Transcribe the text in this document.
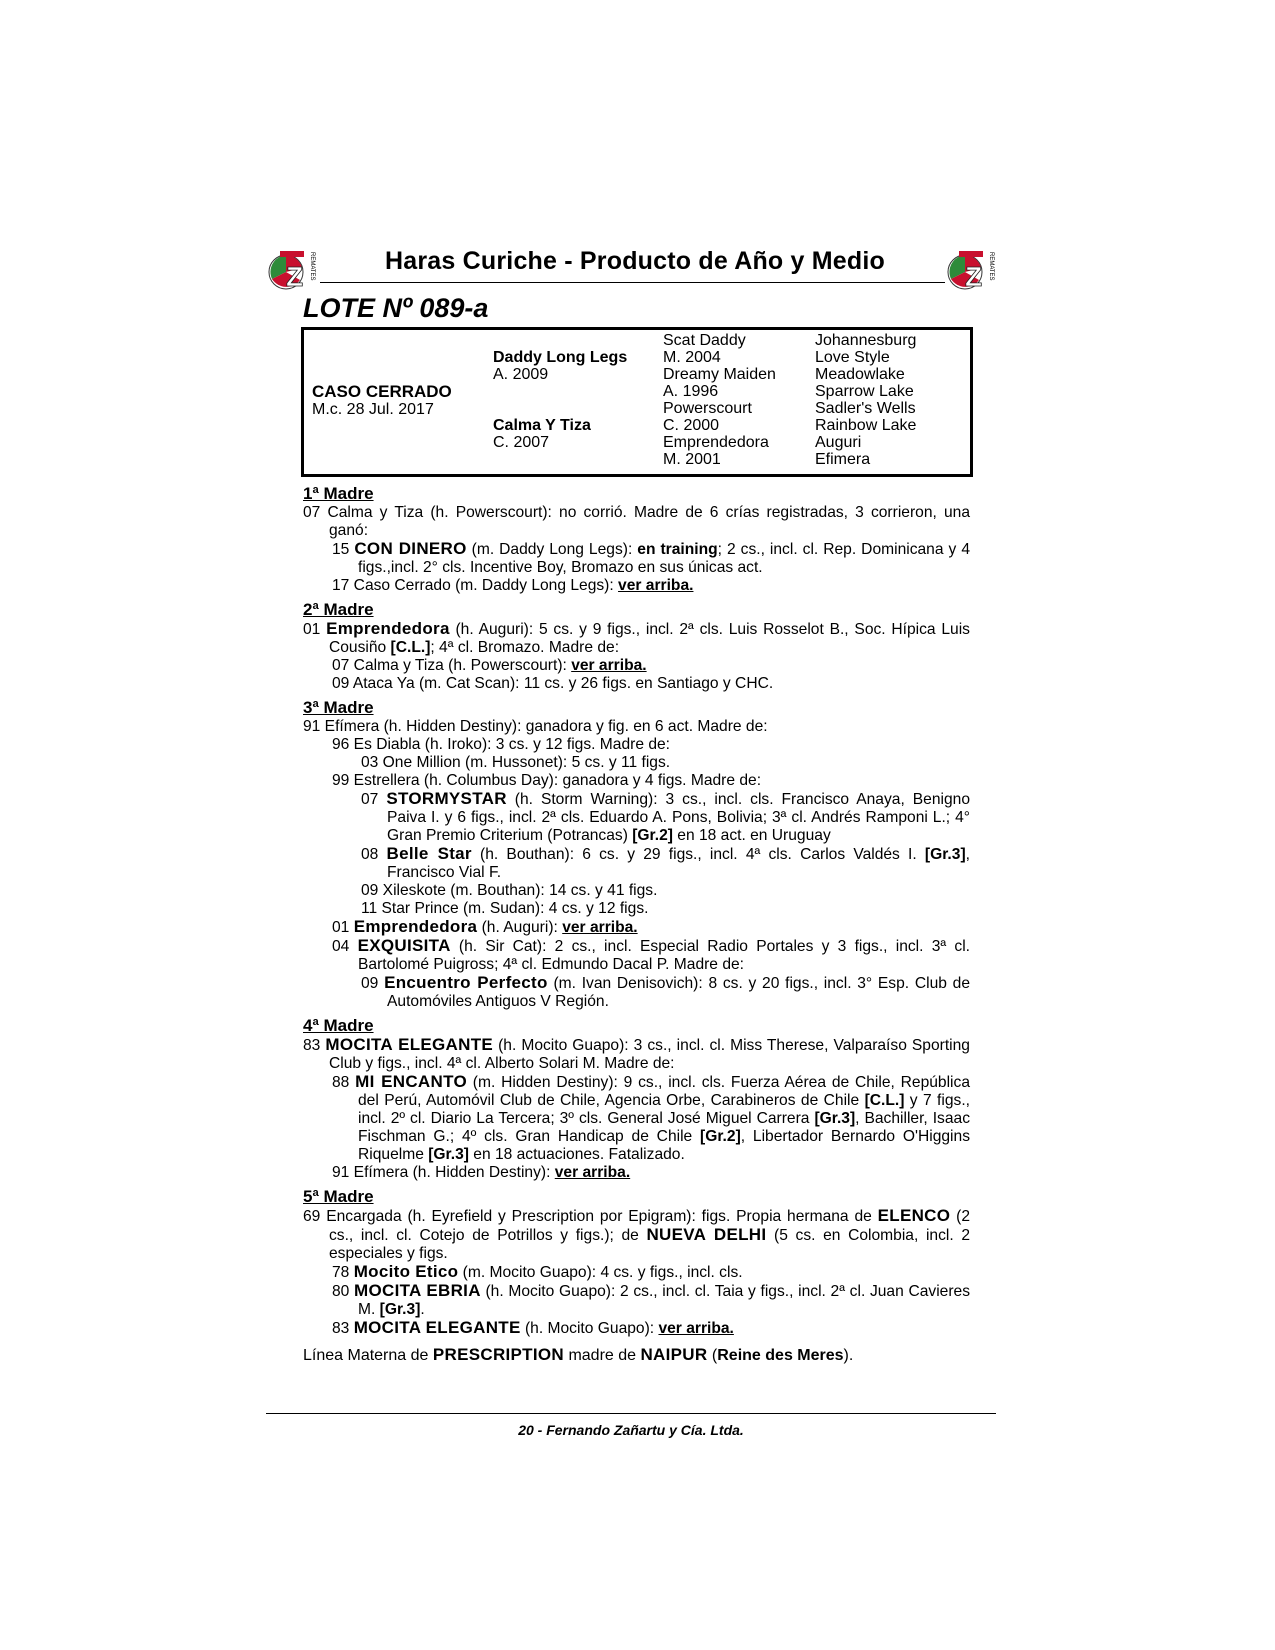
Z REMATES	Z REMATES
Haras Curiche - Producto de Año y Medio
LOTE Nº 089-a
CASO CERRADO
M.c. 28 Jul. 2017
Daddy Long Legs
A. 2009
Calma Y Tiza
C. 2007
Scat Daddy
M. 2004
Dreamy Maiden
A. 1996
Powerscourt
C. 2000
Emprendedora
M. 2001
Johannesburg
Love Style
Meadowlake
Sparrow Lake
Sadler's Wells
Rainbow Lake
Auguri
Efimera
1ª Madre
07 Calma y Tiza (h. Powerscourt): no corrió. Madre de 6 crías registradas, 3 corrieron, una ganó:
15 CON DINERO (m. Daddy Long Legs): en training; 2 cs., incl. cl. Rep. Dominicana y 4 figs.,incl. 2° cls. Incentive Boy, Bromazo en sus únicas act.
17 Caso Cerrado (m. Daddy Long Legs): ver arriba.
2ª Madre
01 Emprendedora (h. Auguri): 5 cs. y 9 figs., incl. 2ª cls. Luis Rosselot B., Soc. Hípica Luis Cousiño [C.L.]; 4ª cl. Bromazo. Madre de:
07 Calma y Tiza (h. Powerscourt): ver arriba.
09 Ataca Ya (m. Cat Scan): 11 cs. y 26 figs. en Santiago y CHC.
3ª Madre
91 Efímera (h. Hidden Destiny): ganadora y fig. en 6 act. Madre de:
96 Es Diabla (h. Iroko): 3 cs. y 12 figs. Madre de:
03 One Million (m. Hussonet): 5 cs. y 11 figs.
99 Estrellera (h. Columbus Day): ganadora y 4 figs. Madre de:
07 STORMYSTAR (h. Storm Warning): 3 cs., incl. cls. Francisco Anaya, Benigno Paiva I. y 6 figs., incl. 2ª cls. Eduardo A. Pons, Bolivia; 3ª cl. Andrés Ramponi L.; 4° Gran Premio Criterium (Potrancas) [Gr.2] en 18 act. en Uruguay
08 Belle Star (h. Bouthan): 6 cs. y 29 figs., incl. 4ª cls. Carlos Valdés I. [Gr.3], Francisco Vial F.
09 Xileskote (m. Bouthan): 14 cs. y 41 figs.
11 Star Prince (m. Sudan): 4 cs. y 12 figs.
01 Emprendedora (h. Auguri): ver arriba.
04 EXQUISITA (h. Sir Cat): 2 cs., incl. Especial Radio Portales y 3 figs., incl. 3ª cl. Bartolomé Puigross; 4ª cl. Edmundo Dacal P. Madre de:
09 Encuentro Perfecto (m. Ivan Denisovich): 8 cs. y 20 figs., incl. 3° Esp. Club de Automóviles Antiguos V Región.
4ª Madre
83 MOCITA ELEGANTE (h. Mocito Guapo): 3 cs., incl. cl. Miss Therese, Valparaíso Sporting Club y figs., incl. 4ª cl. Alberto Solari M. Madre de:
88 MI ENCANTO (m. Hidden Destiny): 9 cs., incl. cls. Fuerza Aérea de Chile, República del Perú, Automóvil Club de Chile, Agencia Orbe, Carabineros de Chile [C.L.] y 7 figs., incl. 2º cl. Diario La Tercera; 3º cls. General José Miguel Carrera [Gr.3], Bachiller, Isaac Fischman G.; 4º cls. Gran Handicap de Chile [Gr.2], Libertador Bernardo O'Higgins Riquelme [Gr.3] en 18 actuaciones. Fatalizado.
91 Efímera (h. Hidden Destiny): ver arriba.
5ª Madre
69 Encargada (h. Eyrefield y Prescription por Epigram): figs. Propia hermana de ELENCO (2 cs., incl. cl. Cotejo de Potrillos y figs.); de NUEVA DELHI (5 cs. en Colombia, incl. 2 especiales y figs.
78 Mocito Etico (m. Mocito Guapo): 4 cs. y figs., incl. cls.
80 MOCITA EBRIA (h. Mocito Guapo): 2 cs., incl. cl. Taia y figs., incl. 2ª cl. Juan Cavieres M. [Gr.3].
83 MOCITA ELEGANTE (h. Mocito Guapo): ver arriba.
Línea Materna de PRESCRIPTION madre de NAIPUR (Reine des Meres).
20 - Fernando Zañartu y Cía. Ltda.
